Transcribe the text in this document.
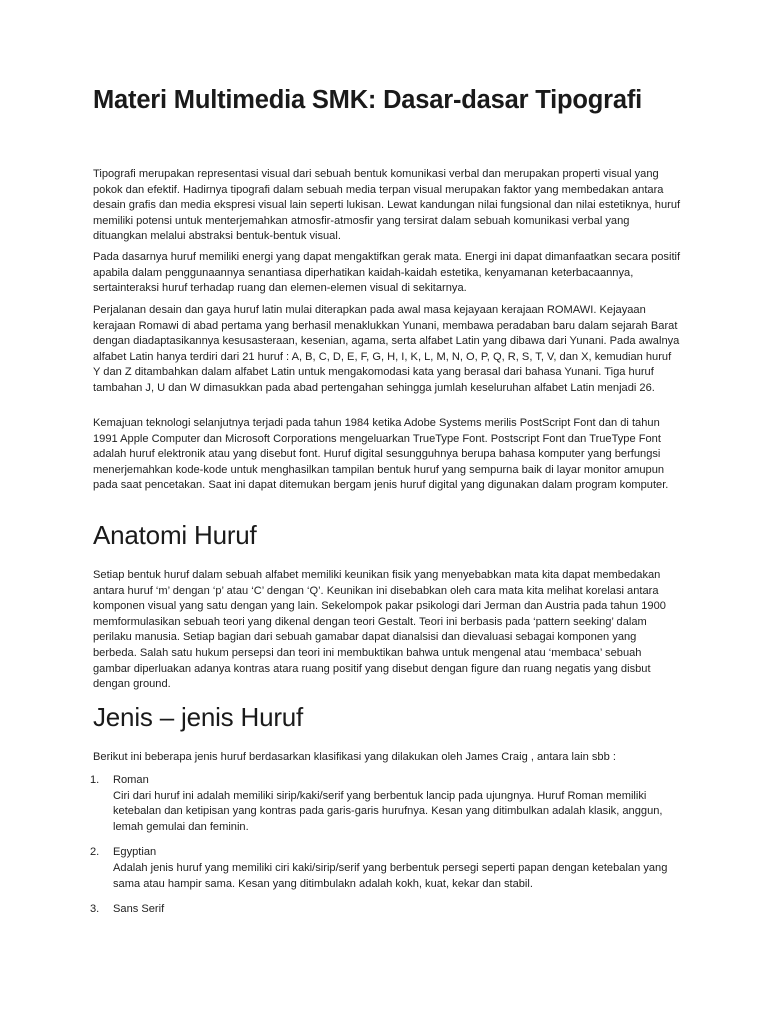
Materi Multimedia SMK: Dasar-dasar Tipografi

Tipografi merupakan representasi visual dari sebuah bentuk komunikasi verbal dan merupakan properti visual yang pokok dan efektif. Hadirnya tipografi dalam sebuah media terpan visual merupakan faktor yang membedakan antara desain grafis dan media ekspresi visual lain seperti lukisan. Lewat kandungan nilai fungsional dan nilai estetiknya, huruf memiliki potensi untuk menterjemahkan atmosfir-atmosfir yang tersirat dalam sebuah komunikasi verbal yang dituangkan melalui abstraksi bentuk-bentuk visual.

Pada dasarnya huruf memiliki energi yang dapat mengaktifkan gerak mata. Energi ini dapat dimanfaatkan secara positif apabila dalam penggunaannya senantiasa diperhatikan kaidah-kaidah estetika, kenyamanan keterbacaannya, sertainteraksi huruf terhadap ruang dan elemen-elemen visual di sekitarnya.

Perjalanan desain dan gaya huruf latin mulai diterapkan pada awal masa kejayaan kerajaan ROMAWI. Kejayaan kerajaan Romawi di abad pertama yang berhasil menaklukkan Yunani, membawa peradaban baru dalam sejarah Barat dengan diadaptasikannya kesusasteraan, kesenian, agama, serta alfabet Latin yang dibawa dari Yunani. Pada awalnya alfabet Latin hanya terdiri dari 21 huruf : A, B, C, D, E, F, G, H, I, K, L, M, N, O, P, Q, R, S, T, V, dan X, kemudian huruf Y dan Z ditambahkan dalam alfabet Latin untuk mengakomodasi kata yang berasal dari bahasa Yunani. Tiga huruf tambahan J, U dan W dimasukkan pada abad pertengahan sehingga jumlah keseluruhan alfabet Latin menjadi 26.

Kemajuan teknologi selanjutnya terjadi pada tahun 1984 ketika Adobe Systems merilis PostScript Font dan di tahun 1991 Apple Computer dan Microsoft Corporations mengeluarkan TrueType Font. Postscript Font dan TrueType Font adalah huruf elektronik atau yang disebut font. Huruf digital sesungguhnya berupa bahasa komputer yang berfungsi menerjemahkan kode-kode untuk menghasilkan tampilan bentuk huruf yang sempurna baik di layar monitor amupun pada saat pencetakan. Saat ini dapat ditemukan bergam jenis huruf digital yang digunakan dalam program komputer.

Anatomi Huruf

Setiap bentuk huruf dalam sebuah alfabet memiliki keunikan fisik yang menyebabkan mata kita dapat membedakan antara huruf ‘m’ dengan ‘p’ atau ‘C’ dengan ‘Q’. Keunikan ini disebabkan oleh cara mata kita melihat korelasi antara komponen visual yang satu dengan yang lain. Sekelompok pakar psikologi dari Jerman dan Austria pada tahun 1900 memformulasikan sebuah teori yang dikenal dengan teori Gestalt. Teori ini berbasis pada ‘pattern seeking’ dalam perilaku manusia. Setiap bagian dari sebuah gamabar dapat dianalsisi dan dievaluasi sebagai komponen yang berbeda. Salah satu hukum persepsi dan teori ini membuktikan bahwa untuk mengenal atau ‘membaca’ sebuah gambar diperluakan adanya kontras atara ruang positif yang disebut dengan figure dan ruang negatis yang disbut dengan ground.

Jenis – jenis Huruf

Berikut ini beberapa jenis huruf berdasarkan klasifikasi yang dilakukan oleh James Craig , antara lain sbb :

1. Roman
Ciri dari huruf ini adalah memiliki sirip/kaki/serif yang berbentuk lancip pada ujungnya. Huruf Roman memiliki ketebalan dan ketipisan yang kontras pada garis-garis hurufnya. Kesan yang ditimbulkan adalah klasik, anggun, lemah gemulai dan feminin.
2. Egyptian
Adalah jenis huruf yang memiliki ciri kaki/sirip/serif yang berbentuk persegi seperti papan dengan ketebalan yang sama atau hampir sama. Kesan yang ditimbulakn adalah kokh, kuat, kekar dan stabil.
3. Sans Serif
